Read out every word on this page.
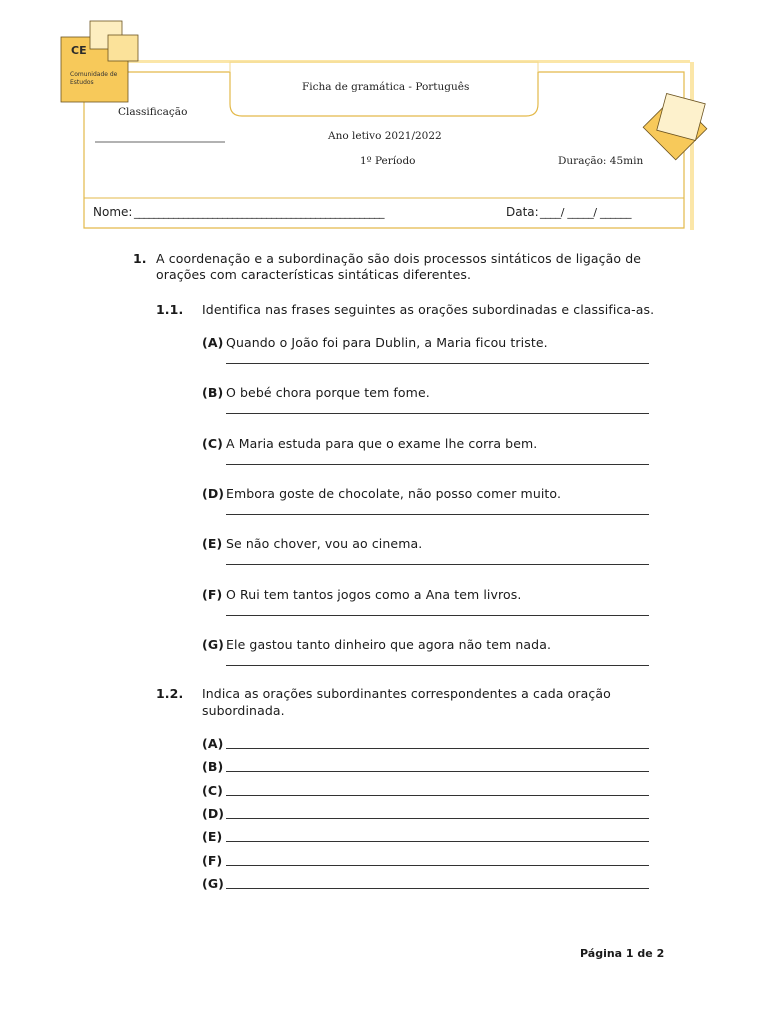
CE
Comunidade de Estudos	Ficha de gramática - Português
Classificação
Ano letivo 2021/2022
1º Período	Duração: 45min
Nome: ___________________________________________________	Data: ____/ _____/ ______
1. A coordenação e a subordinação são dois processos sintáticos de ligação de
orações com características sintáticas diferentes.
1.1. Identifica nas frases seguintes as orações subordinadas e classifica-as.
(A) Quando o João foi para Dublin, a Maria ficou triste.
(B) O bebé chora porque tem fome.
(C) A Maria estuda para que o exame lhe corra bem.
(D) Embora goste de chocolate, não posso comer muito.
(E) Se não chover, vou ao cinema.
(F) O Rui tem tantos jogos como a Ana tem livros.
(G) Ele gastou tanto dinheiro que agora não tem nada.
1.2. Indica as orações subordinantes correspondentes a cada oração
subordinada.
(A)
(B)
(C)
(D)
(E)
(F)
(G)
Página 1 de 2
